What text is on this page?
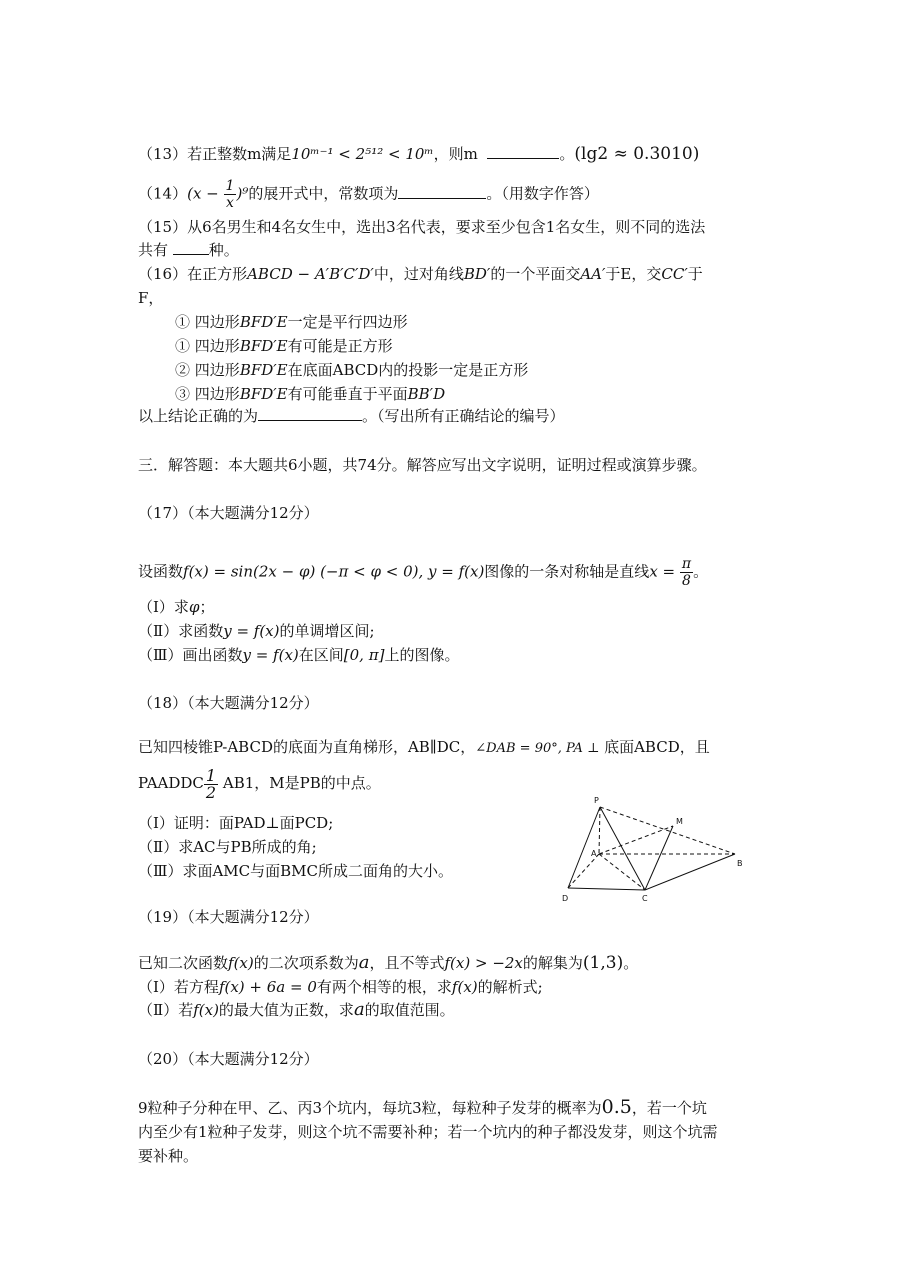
（13）若正整数m满足10ᵐ⁻¹ < 2⁵¹² < 10ᵐ，则m	。(lg2 ≈ 0.3010)
$(14)(x - \frac{1}{x} )^9$的展开式中，常数项为	。（用数字作答）
（15）从6名男生和4名女生中，选出3名代表，要求至少包含1名女生，则不同的选法
共有	种。
（16）在正方形ABCD − A′B′C′D′中，过对角线BD′的一个平面交AA′于E，交CC′于
F，
① 四边形BFD′E一定是平行四边形
① 四边形BFD′E有可能是正方形
② 四边形BFD′E在底面ABCD内的投影一定是正方形
③ 四边形BFD′E有可能垂直于平面BB′D
以上结论正确的为	。（写出所有正确结论的编号）
三．解答题：本大题共6小题，共74分。解答应写出文字说明，证明过程或演算步骤。
（17）（本大题满分12分）
设函数f(x) = sin(2x − φ) (−π < φ < 0), y = f(x)图像的一条对称轴是直线$x = \frac{\pi}{8}$ 。
（Ⅰ）求φ；
（Ⅱ）求函数y = f(x)的单调增区间;
（Ⅲ）画出函数y = f(x)在区间[0, π]上的图像。
（18）（本大题满分12分）
已知四棱锥P-ABCD的底面为直角梯形，AB∥DC，∠DAB = 90°, PA ⊥ 底面ABCD，且
PAADDC $\frac{1}{2} AB1$，M是PB的中点。
（Ⅰ）证明：面PAD⊥面PCD;
（Ⅱ）求AC与PB所成的角;
（Ⅲ）求面AMC与面BMC所成二面角的大小。
P
M
A
B
D	C
（19）（本大题满分12分）
已知二次函数f(x)的二次项系数为a，且不等式f(x) > −2x的解集为(1,3)。
（Ⅰ）若方程f(x) + 6a = 0有两个相等的根，求f(x)的解析式;
（Ⅱ）若f(x)的最大值为正数，求a的取值范围。
（20）（本大题满分12分）
9粒种子分种在甲、乙、丙3个坑内，每坑3粒，每粒种子发芽的概率为0.5，若一个坑
内至少有1粒种子发芽，则这个坑不需要补种；若一个坑内的种子都没发芽，则这个坑需
要补种。
